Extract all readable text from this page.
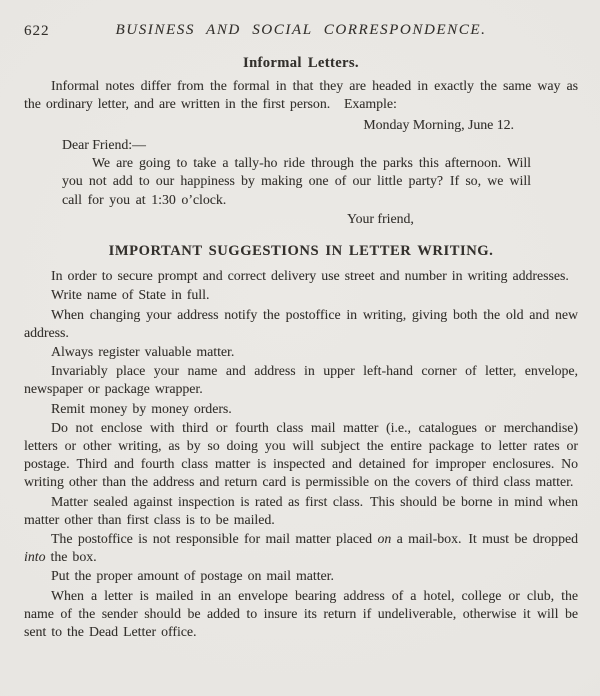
622	BUSINESS AND SOCIAL CORRESPONDENCE.
Informal Letters.

Informal notes differ from the formal in that they are headed in exactly the same way as the ordinary letter, and are written in the first person. Example:

Monday Morning, June 12.
Dear Friend:—

We are going to take a tally-ho ride through the parks this afternoon. Will you not add to our happiness by making one of our little party? If so, we will call for you at 1:30 o’clock.

Your friend,
IMPORTANT SUGGESTIONS IN LETTER WRITING.

In order to secure prompt and correct delivery use street and number in writing addresses.

Write name of State in full.

When changing your address notify the postoffice in writing, giving both the old and new address.

Always register valuable matter.

Invariably place your name and address in upper left-hand corner of letter, envelope, newspaper or package wrapper.

Remit money by money orders.

Do not enclose with third or fourth class mail matter (i.e., catalogues or merchandise) letters or other writing, as by so doing you will subject the entire package to letter rates or postage. Third and fourth class matter is inspected and detained for improper enclosures. No writing other than the address and return card is permissible on the covers of third class matter.

Matter sealed against inspection is rated as first class. This should be borne in mind when matter other than first class is to be mailed.

The postoffice is not responsible for mail matter placed on a mail-box. It must be dropped into the box.

Put the proper amount of postage on mail matter.

When a letter is mailed in an envelope bearing address of a hotel, college or club, the name of the sender should be added to insure its return if undeliverable, otherwise it will be sent to the Dead Letter office.
